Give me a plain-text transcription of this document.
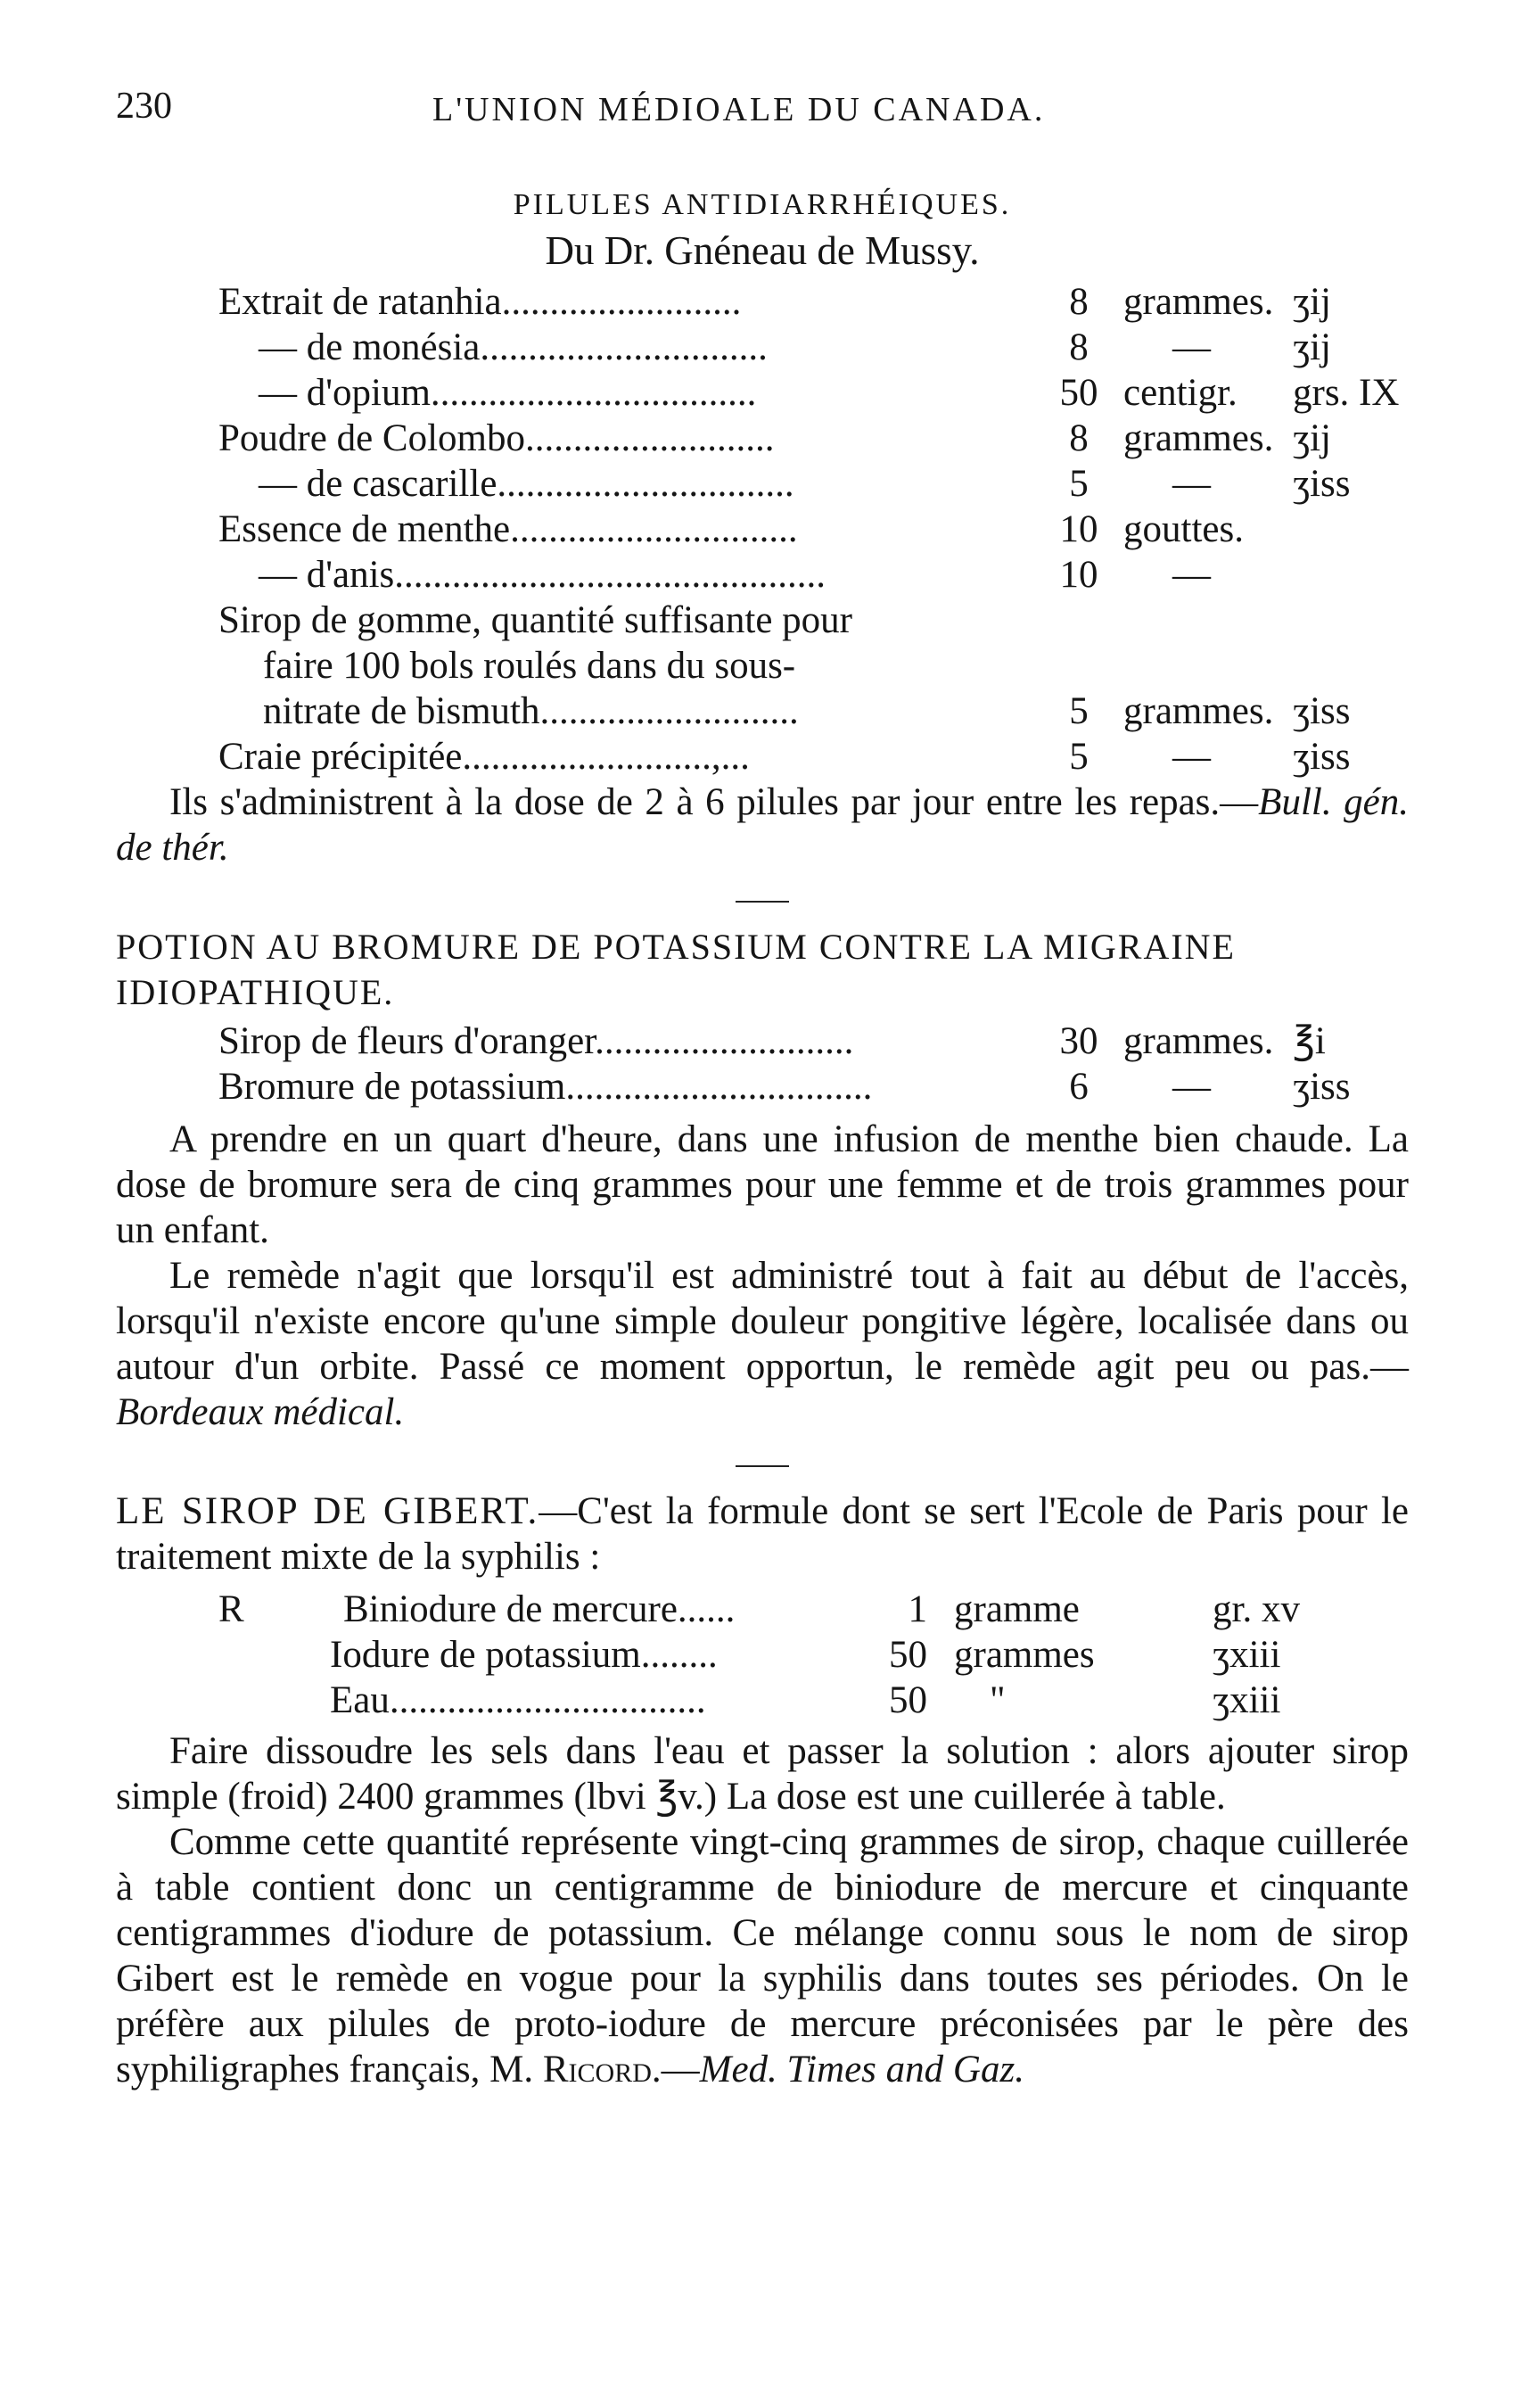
230	L'UNION MÉDIOALE DU CANADA.
PILULES ANTIDIARRHÉIQUES.
Du Dr. Gnéneau de Mussy.
Extrait de ratanhia.........................	8 grammes. ʒij
— de monésia..............................	8	—	ʒij
— d'opium..................................	50 centigr.	grs. IX
Poudre de Colombo..........................	8 grammes. ʒij
— de cascarille...............................	5	—	ʒiss
Essence de menthe..............................	10 gouttes.
— d'anis.............................................	10	—
Sirop de gomme, quantité suffisante pour
faire 100 bols roulés dans du sous-
nitrate de bismuth...........................	5 grammes. ʒiss
Craie précipitée..........................,...	5	—	ʒiss

Ils s'administrent à la dose de 2 à 6 pilules par jour entre les repas.—Bull. gén. de thér.

POTION AU BROMURE DE POTASSIUM CONTRE LA MIGRAINE IDIOPATHIQUE.

Sirop de fleurs d'oranger...........................	30 grammes. ℥i
Bromure de potassium................................	6	—	ʒiss

A prendre en un quart d'heure, dans une infusion de menthe bien chaude. La dose de bromure sera de cinq grammes pour une femme et de trois grammes pour un enfant.

Le remède n'agit que lorsqu'il est administré tout à fait au début de l'accès, lorsqu'il n'existe encore qu'une simple douleur pongitive légère, localisée dans ou autour d'un orbite. Passé ce moment opportun, le remède agit peu ou pas.—Bordeaux médical.

LE SIROP DE GIBERT.—C'est la formule dont se sert l'Ecole de Paris pour le traitement mixte de la syphilis :

R	Biniodure de mercure......	1 gramme	gr. xv
Iodure de potassium........	50 grammes	ʒxiii
Eau.................................	50	"	ʒxiii

Faire dissoudre les sels dans l'eau et passer la solution : alors ajouter sirop simple (froid) 2400 grammes (lbvi ℥v.) La dose est une cuillerée à table.

Comme cette quantité représente vingt-cinq grammes de sirop, chaque cuillerée à table contient donc un centigramme de biniodure de mercure et cinquante centigrammes d'iodure de potassium. Ce mélange connu sous le nom de sirop Gibert est le remède en vogue pour la syphilis dans toutes ses périodes. On le préfère aux pilules de proto-iodure de mercure préconisées par le père des syphiligraphes français, M. Ricord.—Med. Times and Gaz.
